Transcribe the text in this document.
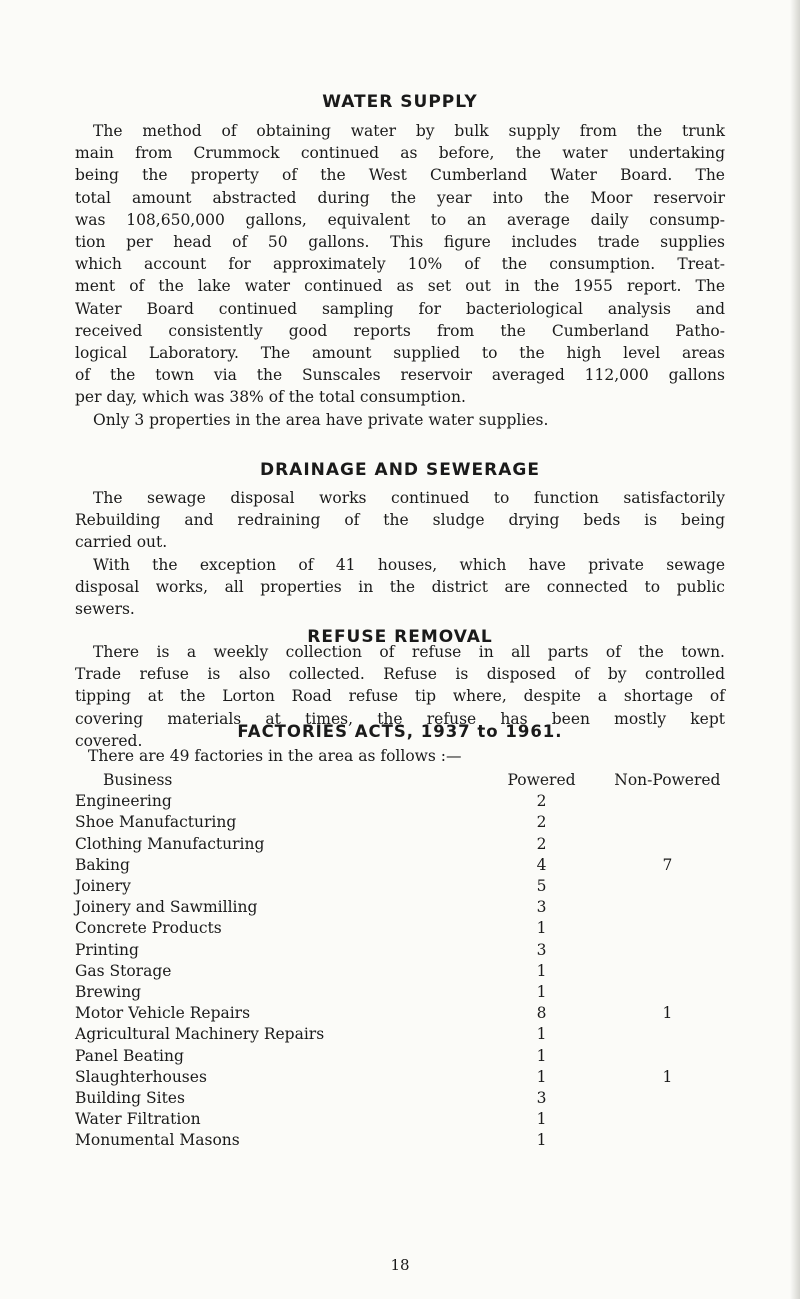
WATER SUPPLY
The method of obtaining water by bulk supply from the trunk
main from Crummock continued as before, the water undertaking
being the property of the West Cumberland Water Board. The
total amount abstracted during the year into the Moor reservoir
was 108,650,000 gallons, equivalent to an average daily consump-
tion per head of 50 gallons. This figure includes trade supplies
which account for approximately 10% of the consumption. Treat-
ment of the lake water continued as set out in the 1955 report. The
Water Board continued sampling for bacteriological analysis and
received consistently good reports from the Cumberland Patho-
logical Laboratory. The amount supplied to the high level areas
of the town via the Sunscales reservoir averaged 112,000 gallons
per day, which was 38% of the total consumption.
Only 3 properties in the area have private water supplies.
DRAINAGE AND SEWERAGE
The sewage disposal works continued to function satisfactorily
Rebuilding and redraining of the sludge drying beds is being
carried out.
With the exception of 41 houses, which have private sewage
disposal works, all properties in the district are connected to public
sewers.
REFUSE REMOVAL
There is a weekly collection of refuse in all parts of the town.
Trade refuse is also collected. Refuse is disposed of by controlled
tipping at the Lorton Road refuse tip where, despite a shortage of
covering materials at times, the refuse has been mostly kept
covered.	FACTORIES ACTS, 1937 to 1961.

There are 49 factories in the area as follows :—

Business	Powered	Non-Powered
Engineering	2	
Shoe Manufacturing	2	
Clothing Manufacturing	2	
Baking	4	7
Joinery	5	
Joinery and Sawmilling	3	
Concrete Products	1	
Printing	3	
Gas Storage	1	
Brewing	1	
Motor Vehicle Repairs	8	1
Agricultural Machinery Repairs	1	
Panel Beating	1	
Slaughterhouses	1	1
Building Sites	3	
Water Filtration	1	
Monumental Masons	1	
18
